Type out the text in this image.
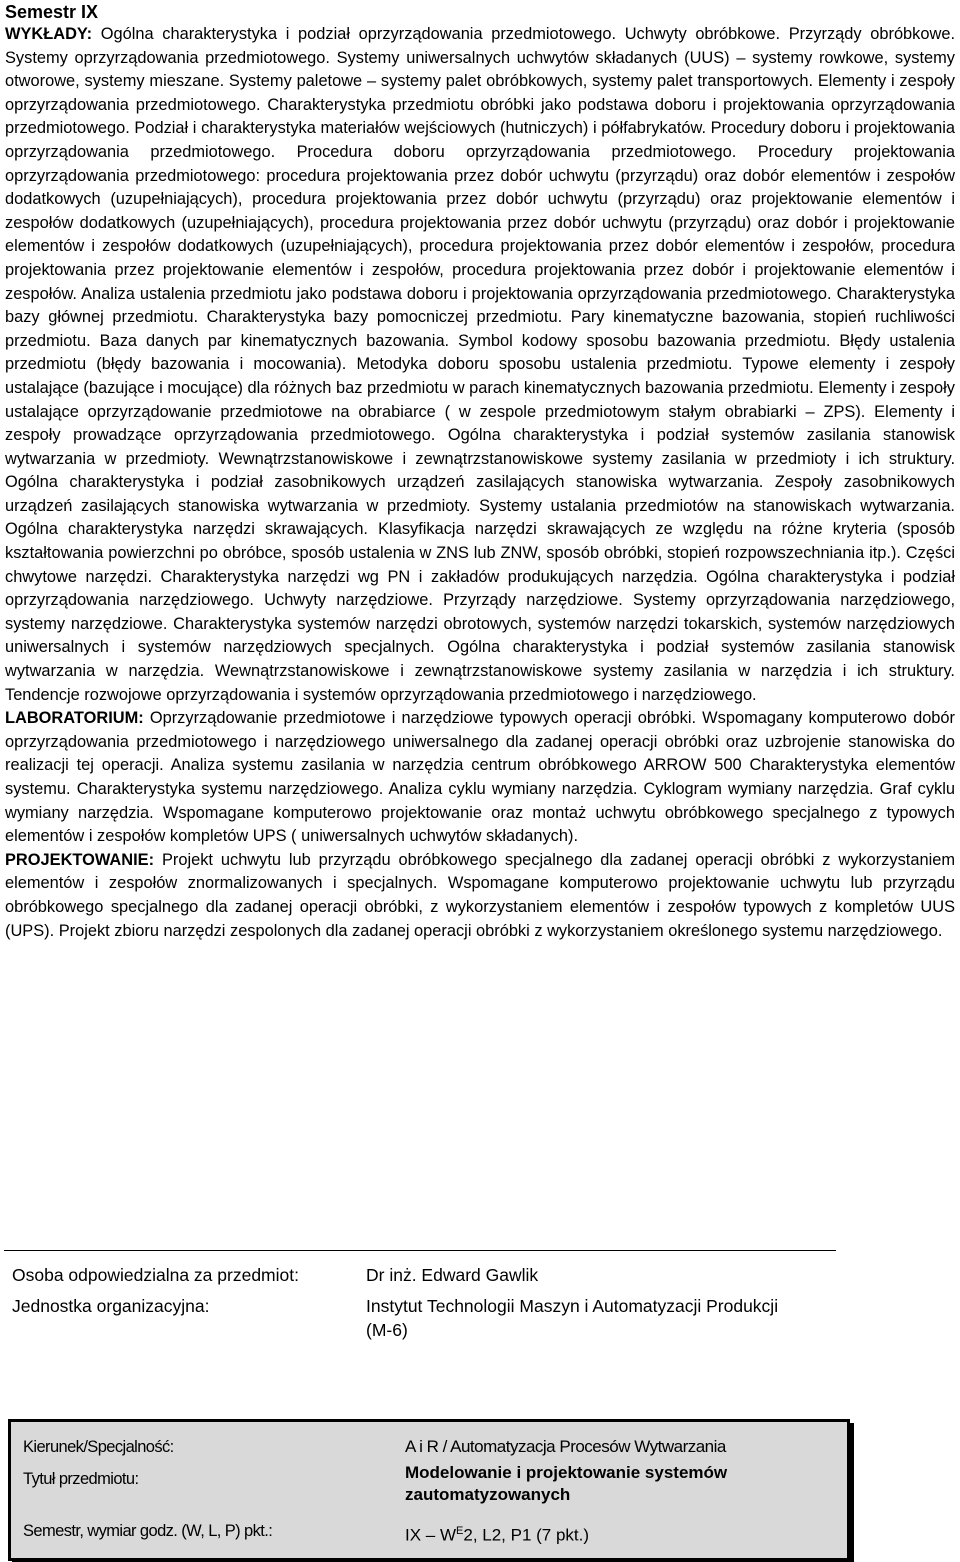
Semestr IX

WYKŁADY: Ogólna charakterystyka i podział oprzyrządowania przedmiotowego. Uchwyty obróbkowe. Przyrządy obróbkowe. Systemy oprzyrządowania przedmiotowego. Systemy uniwersalnych uchwytów składanych (UUS) – systemy rowkowe, systemy otworowe, systemy mieszane. Systemy paletowe – systemy palet obróbkowych, systemy palet transportowych. Elementy i zespoły oprzyrządowania przedmiotowego. Charakterystyka przedmiotu obróbki jako podstawa doboru i projektowania oprzyrządowania przedmiotowego. Podział i charakterystyka materiałów wejściowych (hutniczych) i półfabrykatów. Procedury doboru i projektowania oprzyrządowania przedmiotowego. Procedura doboru oprzyrządowania przedmiotowego. Procedury projektowania oprzyrządowania przedmiotowego: procedura projektowania przez dobór uchwytu (przyrządu) oraz dobór elementów i zespołów dodatkowych (uzupełniających), procedura projektowania przez dobór uchwytu (przyrządu) oraz projektowanie elementów i zespołów dodatkowych (uzupełniających), procedura projektowania przez dobór uchwytu (przyrządu) oraz dobór i projektowanie elementów i zespołów dodatkowych (uzupełniających), procedura projektowania przez dobór elementów i zespołów, procedura projektowania przez projektowanie elementów i zespołów, procedura projektowania przez dobór i projektowanie elementów i zespołów. Analiza ustalenia przedmiotu jako podstawa doboru i projektowania oprzyrządowania przedmiotowego. Charakterystyka bazy głównej przedmiotu. Charakterystyka bazy pomocniczej przedmiotu. Pary kinematyczne bazowania, stopień ruchliwości przedmiotu. Baza danych par kinematycznych bazowania. Symbol kodowy sposobu bazowania przedmiotu. Błędy ustalenia przedmiotu (błędy bazowania i mocowania). Metodyka doboru sposobu ustalenia przedmiotu. Typowe elementy i zespoły ustalające (bazujące i mocujące) dla różnych baz przedmiotu w parach kinematycznych bazowania przedmiotu. Elementy i zespoły ustalające oprzyrządowanie przedmiotowe na obrabiarce ( w zespole przedmiotowym stałym obrabiarki – ZPS). Elementy i zespoły prowadzące oprzyrządowania przedmiotowego. Ogólna charakterystyka i podział systemów zasilania stanowisk wytwarzania w przedmioty. Wewnątrzstanowiskowe i zewnątrzstanowiskowe systemy zasilania w przedmioty i ich struktury. Ogólna charakterystyka i podział zasobnikowych urządzeń zasilających stanowiska wytwarzania. Zespoły zasobnikowych urządzeń zasilających stanowiska wytwarzania w przedmioty. Systemy ustalania przedmiotów na stanowiskach wytwarzania. Ogólna charakterystyka narzędzi skrawających. Klasyfikacja narzędzi skrawających ze względu na różne kryteria (sposób kształtowania powierzchni po obróbce, sposób ustalenia w ZNS lub ZNW, sposób obróbki, stopień rozpowszechniania itp.). Części chwytowe narzędzi. Charakterystyka narzędzi wg PN i zakładów produkujących narzędzia. Ogólna charakterystyka i podział oprzyrządowania narzędziowego. Uchwyty narzędziowe. Przyrządy narzędziowe. Systemy oprzyrządowania narzędziowego, systemy narzędziowe. Charakterystyka systemów narzędzi obrotowych, systemów narzędzi tokarskich, systemów narzędziowych uniwersalnych i systemów narzędziowych specjalnych. Ogólna charakterystyka i podział systemów zasilania stanowisk wytwarzania w narzędzia. Wewnątrzstanowiskowe i zewnątrzstanowiskowe systemy zasilania w narzędzia i ich struktury. Tendencje rozwojowe oprzyrządowania i systemów oprzyrządowania przedmiotowego i narzędziowego.

LABORATORIUM: Oprzyrządowanie przedmiotowe i narzędziowe typowych operacji obróbki. Wspomagany komputerowo dobór oprzyrządowania przedmiotowego i narzędziowego uniwersalnego dla zadanej operacji obróbki oraz uzbrojenie stanowiska do realizacji tej operacji. Analiza systemu zasilania w narzędzia centrum obróbkowego ARROW 500 Charakterystyka elementów systemu. Charakterystyka systemu narzędziowego. Analiza cyklu wymiany narzędzia. Cyklogram wymiany narzędzia. Graf cyklu wymiany narzędzia. Wspomagane komputerowo projektowanie oraz montaż uchwytu obróbkowego specjalnego z typowych elementów i zespołów kompletów UPS ( uniwersalnych uchwytów składanych).

PROJEKTOWANIE: Projekt uchwytu lub przyrządu obróbkowego specjalnego dla zadanej operacji obróbki z wykorzystaniem elementów i zespołów znormalizowanych i specjalnych. Wspomagane komputerowo projektowanie uchwytu lub przyrządu obróbkowego specjalnego dla zadanej operacji obróbki, z wykorzystaniem elementów i zespołów typowych z kompletów UUS (UPS). Projekt zbioru narzędzi zespolonych dla zadanej operacji obróbki z wykorzystaniem określonego systemu narzędziowego.

Osoba odpowiedzialna za przedmiot:	Dr inż. Edward Gawlik
Jednostka organizacyjna:	Instytut Technologii Maszyn i Automatyzacji Produkcji (M-6)
Kierunek/Specjalność:	A i R / Automatyzacja Procesów Wytwarzania
Tytuł przedmiotu:	Modelowanie i projektowanie systemów zautomatyzowanych
Semestr, wymiar godz. (W, L, P) pkt.:	IX – $W^E2$, L2, P1 (7 pkt.)
